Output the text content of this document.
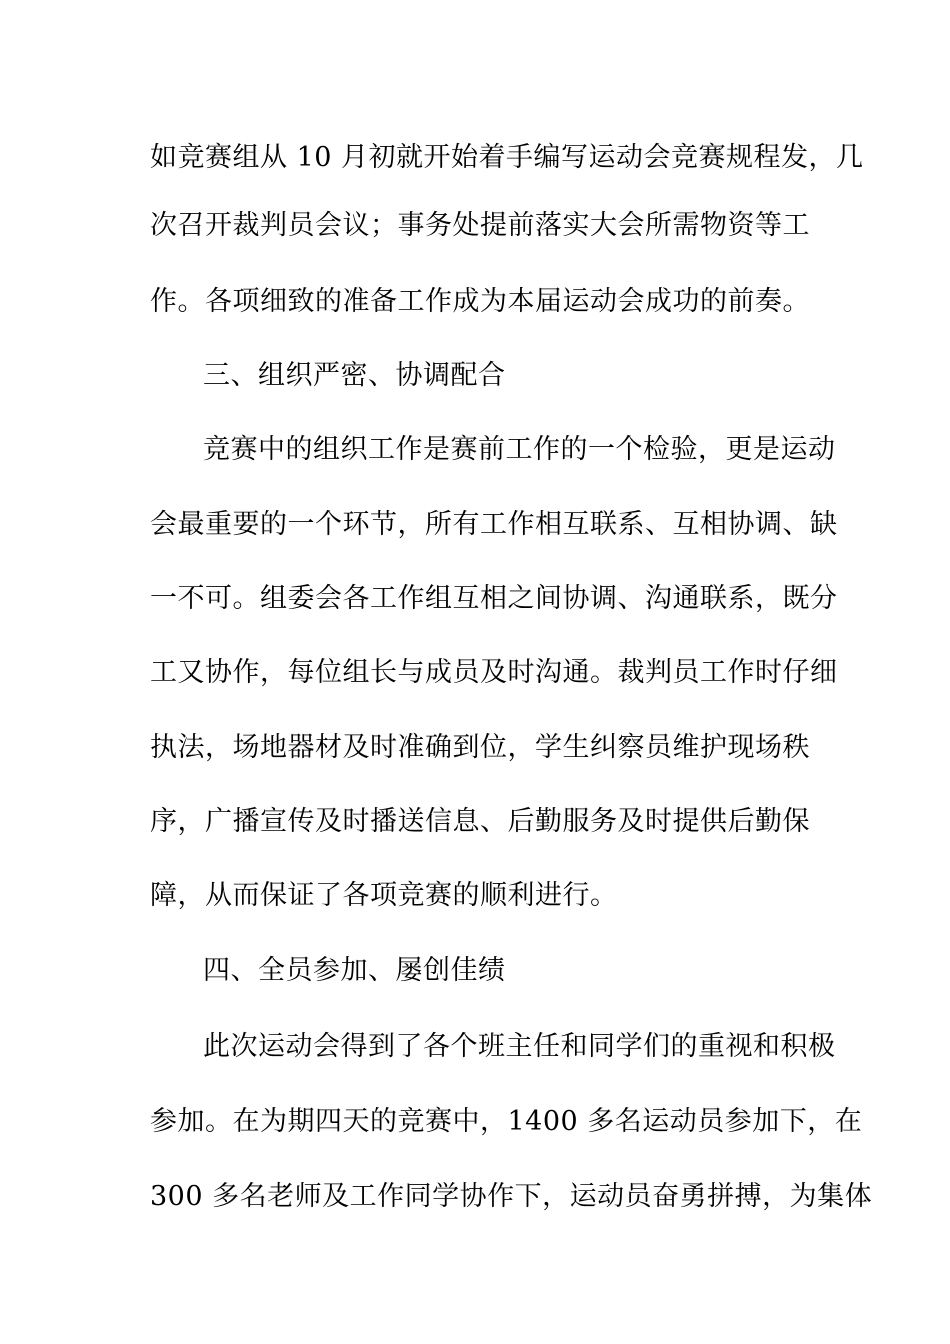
如竞赛组从 10 月初就开始着手编写运动会竞赛规程发，几
次召开裁判员会议；事务处提前落实大会所需物资等工
作。各项细致的准备工作成为本届运动会成功的前奏。
三、组织严密、协调配合
竞赛中的组织工作是赛前工作的一个检验，更是运动
会最重要的一个环节，所有工作相互联系、互相协调、缺
一不可。组委会各工作组互相之间协调、沟通联系，既分
工又协作，每位组长与成员及时沟通。裁判员工作时仔细
执法，场地器材及时准确到位，学生纠察员维护现场秩
序，广播宣传及时播送信息、后勤服务及时提供后勤保
障，从而保证了各项竞赛的顺利进行。
四、全员参加、屡创佳绩
此次运动会得到了各个班主任和同学们的重视和积极
参加。在为期四天的竞赛中，1400 多名运动员参加下，在
300 多名老师及工作同学协作下，运动员奋勇拼搏，为集体
